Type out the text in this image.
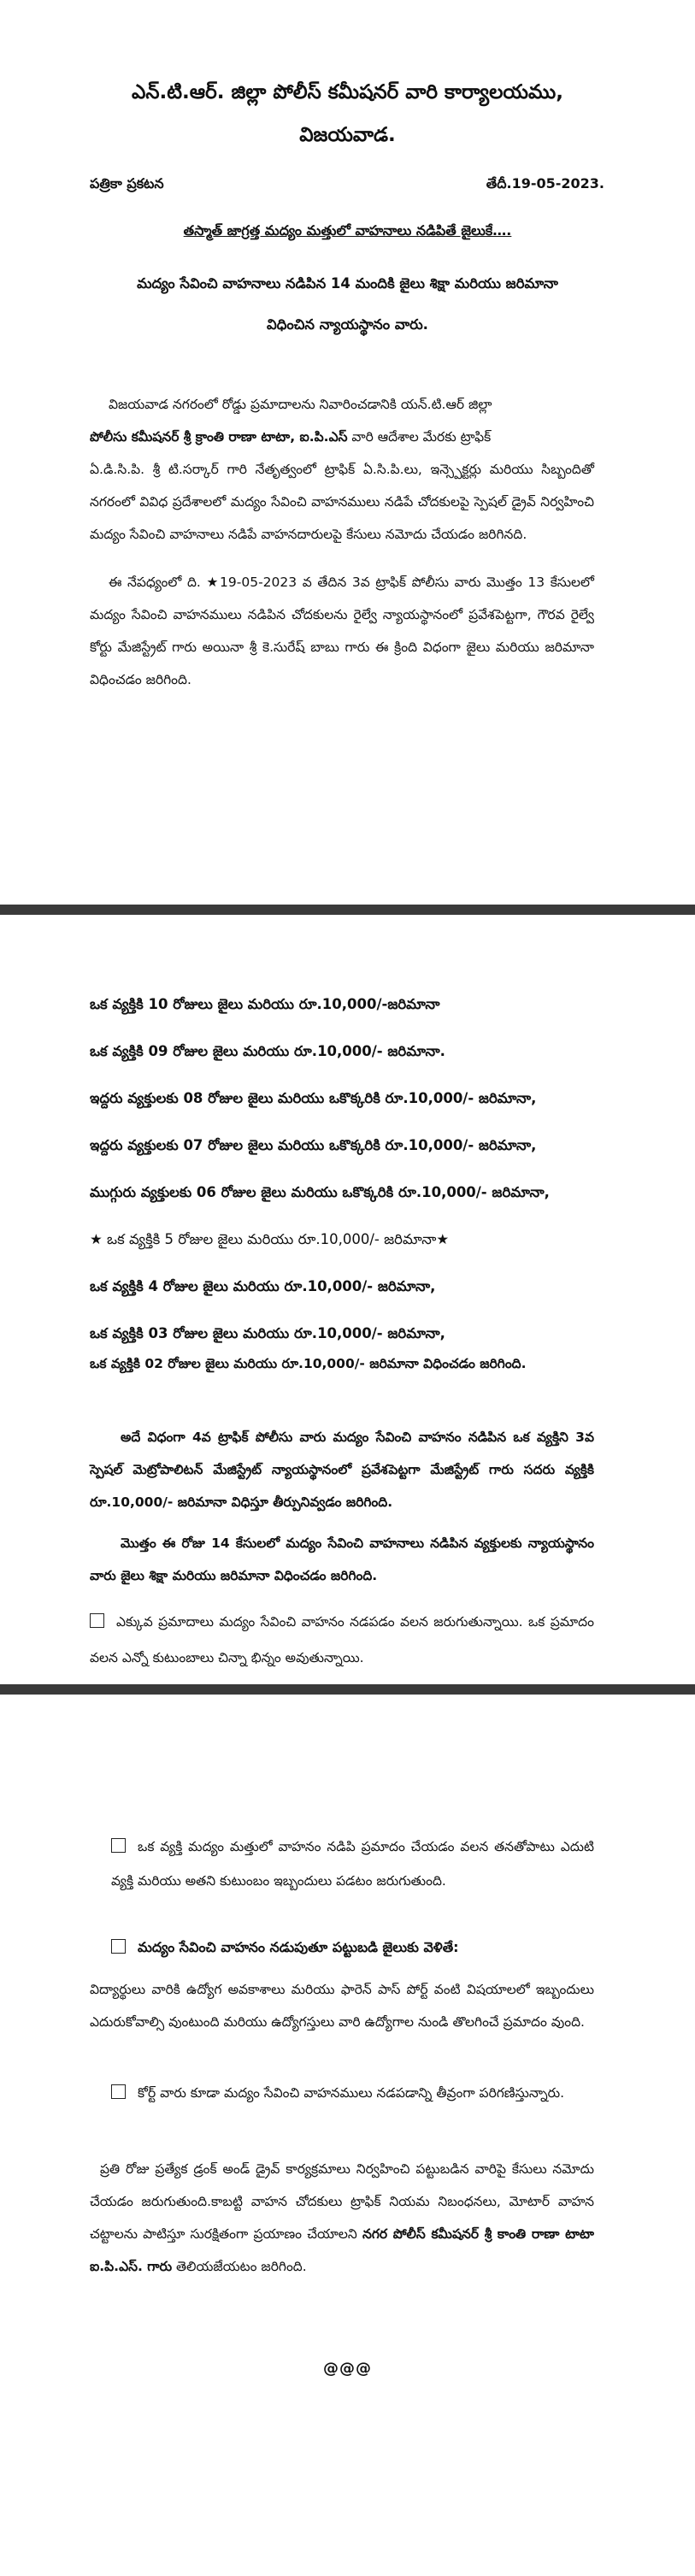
ఎన్.టి.ఆర్. జిల్లా పోలీస్ కమీషనర్ వారి కార్యాలయము,
విజయవాడ.
పత్రికా ప్రకటన	తేదీ.19-05-2023.
తస్మాత్ జాగ్రత్త మద్యం మత్తులో వాహనాలు నడిపితే జైలుకే….
మద్యం సేవించి వాహనాలు నడిపిన 14 మందికి జైలు శిక్షా మరియు జరిమానా
విధించిన న్యాయస్థానం వారు.
విజయవాడ నగరంలో రోడ్డు ప్రమాదాలను నివారించడానికి యన్.టి.ఆర్ జిల్లా
పోలీసు కమీషనర్ శ్రీ క్రాంతి రాణా టాటా, ఐ.పి.ఎస్ వారి ఆదేశాల మేరకు ట్రాఫిక్
ఏ.డి.సి.పి. శ్రీ టి.సర్కార్ గారి నేతృత్వంలో ట్రాఫిక్ ఏ.సి.పి.లు, ఇన్స్పెక్టర్లు మరియు సిబ్బందితో నగరంలో వివిధ ప్రదేశాలలో మద్యం సేవించి వాహనములు నడిపే చోదకులపై స్పెషల్ డ్రైవ్ నిర్వహించి మద్యం సేవించి వాహనాలు నడిపే వాహనదారులపై కేసులు నమోదు చేయడం జరిగినది.
ఈ నేపధ్యంలో ది. ★19-05-2023 వ తేదిన 3వ ట్రాఫిక్ పోలీసు వారు మొత్తం 13 కేసులలో మద్యం సేవించి వాహనములు నడిపిన చోదకులను రైల్వే న్యాయస్థానంలో ప్రవేశపెట్టగా, గౌరవ రైల్వే కోర్టు మేజిస్ట్రేట్ గారు అయినా శ్రీ కె.సురేష్ బాబు గారు ఈ క్రింది విధంగా జైలు మరియు జరిమానా విధించడం జరిగింది.
ఒక వ్యక్తికి 10 రోజులు జైలు మరియు రూ.10,000/-జరిమానా
ఒక వ్యక్తికి 09 రోజుల జైలు మరియు రూ.10,000/- జరిమానా.
ఇద్దరు వ్యక్తులకు 08 రోజుల జైలు మరియు ఒకొక్కరికి రూ.10,000/- జరిమానా,
ఇద్దరు వ్యక్తులకు 07 రోజుల జైలు మరియు ఒకొక్కరికి రూ.10,000/- జరిమానా,
ముగ్గురు వ్యక్తులకు 06 రోజుల జైలు మరియు ఒకొక్కరికి రూ.10,000/- జరిమానా,
★ ఒక వ్యక్తికి 5 రోజుల జైలు మరియు రూ.10,000/- జరిమానా★
ఒక వ్యక్తికి 4 రోజుల జైలు మరియు రూ.10,000/- జరిమానా,
ఒక వ్యక్తికి 03 రోజుల జైలు మరియు రూ.10,000/- జరిమానా,
ఒక వ్యక్తికి 02 రోజుల జైలు మరియు రూ.10,000/- జరిమానా విధించడం జరిగింది.
అదే విధంగా 4వ ట్రాఫిక్ పోలీసు వారు మద్యం సేవించి వాహనం నడిపిన ఒక వ్యక్తిని 3వ స్పెషల్ మెట్రోపాలిటన్ మేజిస్ట్రేట్ న్యాయస్థానంలో ప్రవేశపెట్టగా మేజిస్ట్రేట్ గారు సదరు వ్యక్తికి రూ.10,000/- జరిమానా విధిస్తూ తీర్పునివ్వడం జరిగింది.
మొత్తం ఈ రోజు 14 కేసులలో మద్యం సేవించి వాహనాలు నడిపిన వ్యక్తులకు న్యాయస్థానం వారు జైలు శిక్షా మరియు జరిమానా విధించడం జరిగింది.
ఎక్కువ ప్రమాదాలు మద్యం సేవించి వాహనం నడపడం వలన జరుగుతున్నాయి. ఒక ప్రమాదం వలన ఎన్నో కుటుంబాలు చిన్నా భిన్నం అవుతున్నాయి.
ఒక వ్యక్తి మద్యం మత్తులో వాహనం నడిపి ప్రమాదం చేయడం వలన తనతోపాటు ఎదుటి వ్యక్తి మరియు అతని కుటుంబం ఇబ్బందులు పడటం జరుగుతుంది.
మద్యం సేవించి వాహనం నడుపుతూ పట్టుబడి జైలుకు వెళితే:
విద్యార్థులు వారికి ఉద్యోగ అవకాశాలు మరియు ఫారెన్ పాస్ పోర్ట్ వంటి విషయాలలో ఇబ్బందులు ఎదురుకోవాల్సి వుంటుంది మరియు ఉద్యోగస్తులు వారి ఉద్యోగాల నుండి తొలగించే ప్రమాదం వుంది.
కోర్ట్ వారు కూడా మద్యం సేవించి వాహనములు నడపడాన్ని తీవ్రంగా పరిగణిస్తున్నారు.
ప్రతి రోజు ప్రత్యేక డ్రంక్ అండ్ డ్రైవ్ కార్యక్రమాలు నిర్వహించి పట్టుబడిన వారిపై కేసులు నమోదు చేయడం జరుగుతుంది.కాబట్టి వాహన చోదకులు ట్రాఫిక్ నియమ నిబంధనలు, మోటార్ వాహన చట్టాలను పాటిస్తూ సురక్షితంగా ప్రయాణం చేయాలని నగర పోలీస్ కమీషనర్ శ్రీ కాంతి రాణా టాటా ఐ.పి.ఎస్. గారు తెలియజేయటం జరిగింది.
@@@
